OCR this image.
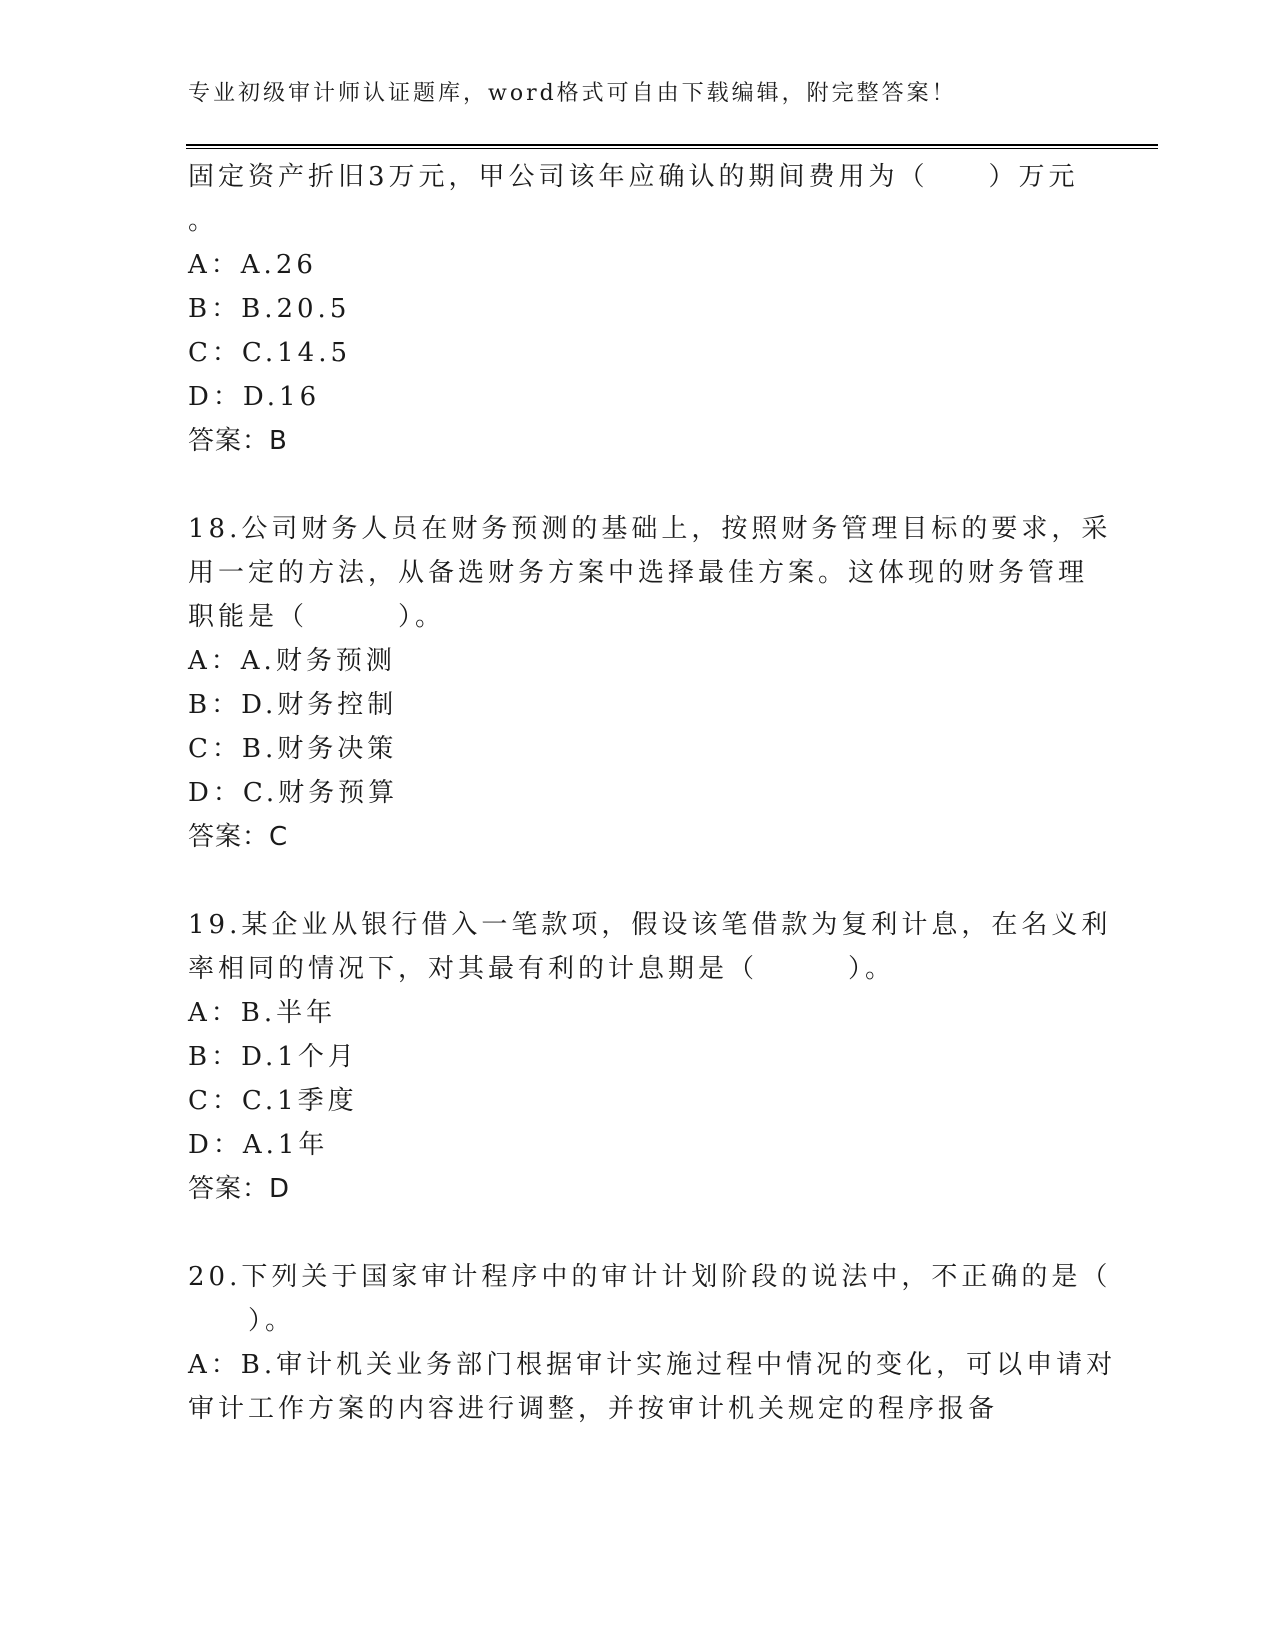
专业初级审计师认证题库，word格式可自由下载编辑，附完整答案！
固定资产折旧3万元，甲公司该年应确认的期间费用为（　　）万元
。
A：A.26
B：B.20.5
C：C.14.5
D：D.16
答案：B
18.公司财务人员在财务预测的基础上，按照财务管理目标的要求，采
用一定的方法，从备选财务方案中选择最佳方案。这体现的财务管理
职能是（　　　）。
A：A.财务预测
B：D.财务控制
C：B.财务决策
D：C.财务预算
答案：C
19.某企业从银行借入一笔款项，假设该笔借款为复利计息，在名义利
率相同的情况下，对其最有利的计息期是（　　　）。
A：B.半年
B：D.1个月
C：C.1季度
D：A.1年
答案：D
20.下列关于国家审计程序中的审计计划阶段的说法中，不正确的是（
　　）。
A：B.审计机关业务部门根据审计实施过程中情况的变化，可以申请对
审计工作方案的内容进行调整，并按审计机关规定的程序报备
